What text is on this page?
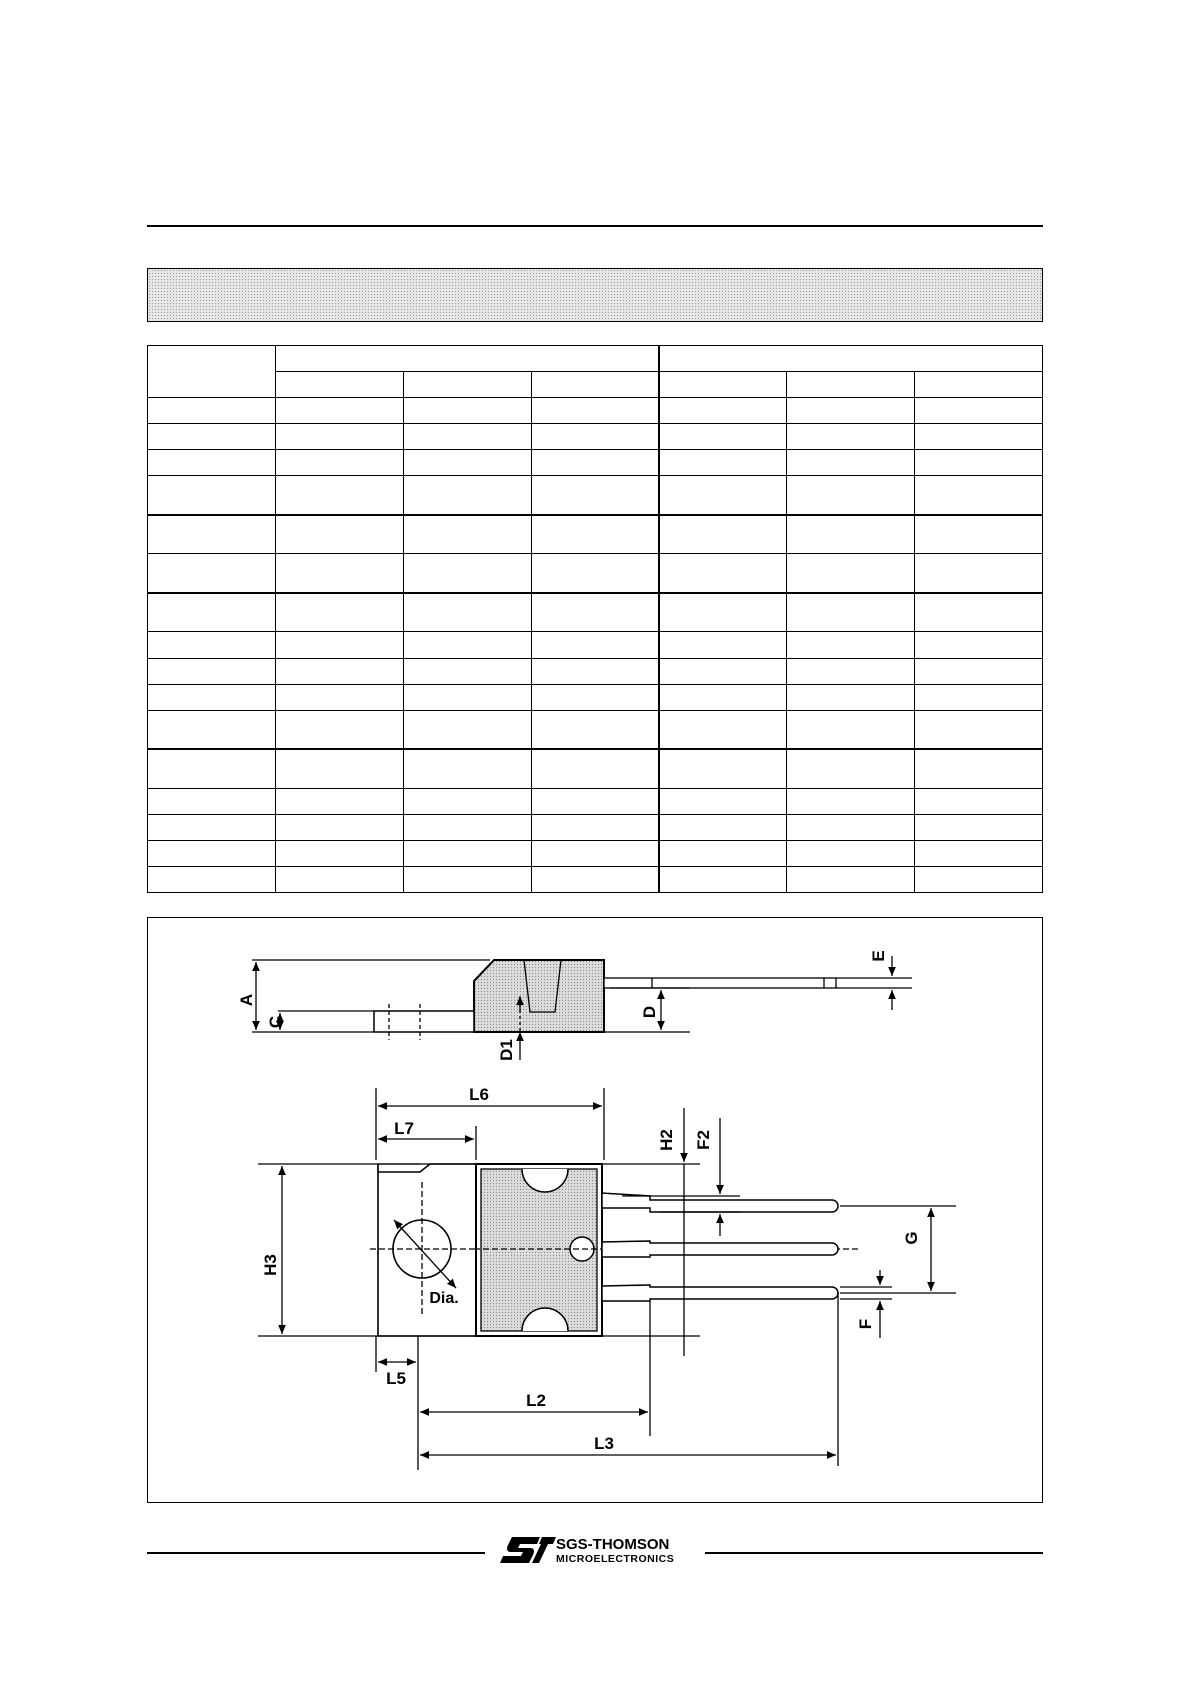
A
C
D
D1
E
L6
L7
H2 F2
H3
G
Dia.
F
L5
L2
L3
SGS-THOMSON
MICROELECTRONICS
